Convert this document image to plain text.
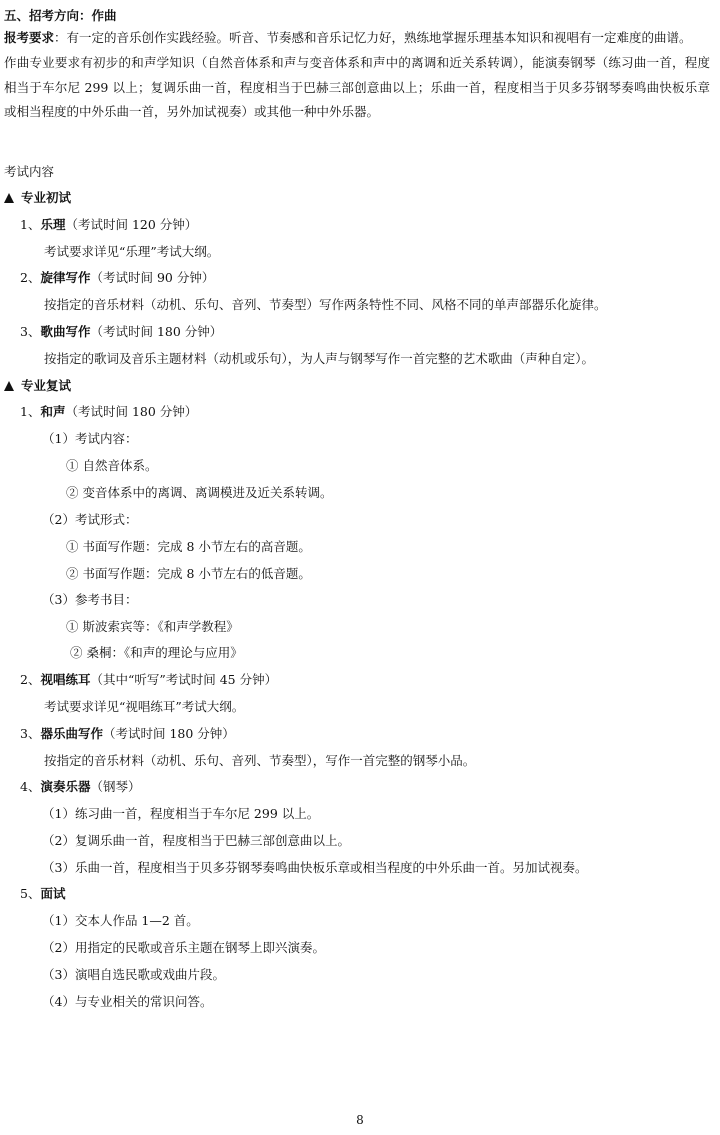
五、招考方向：作曲
报考要求：有一定的音乐创作实践经验。听音、节奏感和音乐记忆力好，熟练地掌握乐理基本知识和视唱有一定难度的曲谱。
作曲专业要求有初步的和声学知识（自然音体系和声与变音体系和声中的离调和近关系转调），能演奏钢琴（练习曲一首，程度相当于车尔尼 299 以上；复调乐曲一首，程度相当于巴赫三部创意曲以上；乐曲一首，程度相当于贝多芬钢琴奏鸣曲快板乐章或相当程度的中外乐曲一首，另外加试视奏）或其他一种中外乐器。
考试内容
专业初试
1、乐理（考试时间 120 分钟）
考试要求详见“乐理”考试大纲。
2、旋律写作（考试时间 90 分钟）
按指定的音乐材料（动机、乐句、音列、节奏型）写作两条特性不同、风格不同的单声部器乐化旋律。
3、歌曲写作（考试时间 180 分钟）
按指定的歌词及音乐主题材料（动机或乐句），为人声与钢琴写作一首完整的艺术歌曲（声种自定）。
专业复试
1、和声（考试时间 180 分钟）
（1）考试内容：
① 自然音体系。
② 变音体系中的离调、离调模进及近关系转调。
（2）考试形式：
① 书面写作题：完成 8 小节左右的高音题。
② 书面写作题：完成 8 小节左右的低音题。
（3）参考书目：
① 斯波索宾等：《和声学教程》
② 桑桐：《和声的理论与应用》
2、视唱练耳（其中“听写”考试时间 45 分钟）
考试要求详见“视唱练耳”考试大纲。
3、器乐曲写作（考试时间 180 分钟）
按指定的音乐材料（动机、乐句、音列、节奏型），写作一首完整的钢琴小品。
4、演奏乐器（钢琴）
（1）练习曲一首，程度相当于车尔尼 299 以上。
（2）复调乐曲一首，程度相当于巴赫三部创意曲以上。
（3）乐曲一首，程度相当于贝多芬钢琴奏鸣曲快板乐章或相当程度的中外乐曲一首。另加试视奏。
5、面试
（1）交本人作品 1—2 首。
（2）用指定的民歌或音乐主题在钢琴上即兴演奏。
（3）演唱自选民歌或戏曲片段。
（4）与专业相关的常识问答。
8
